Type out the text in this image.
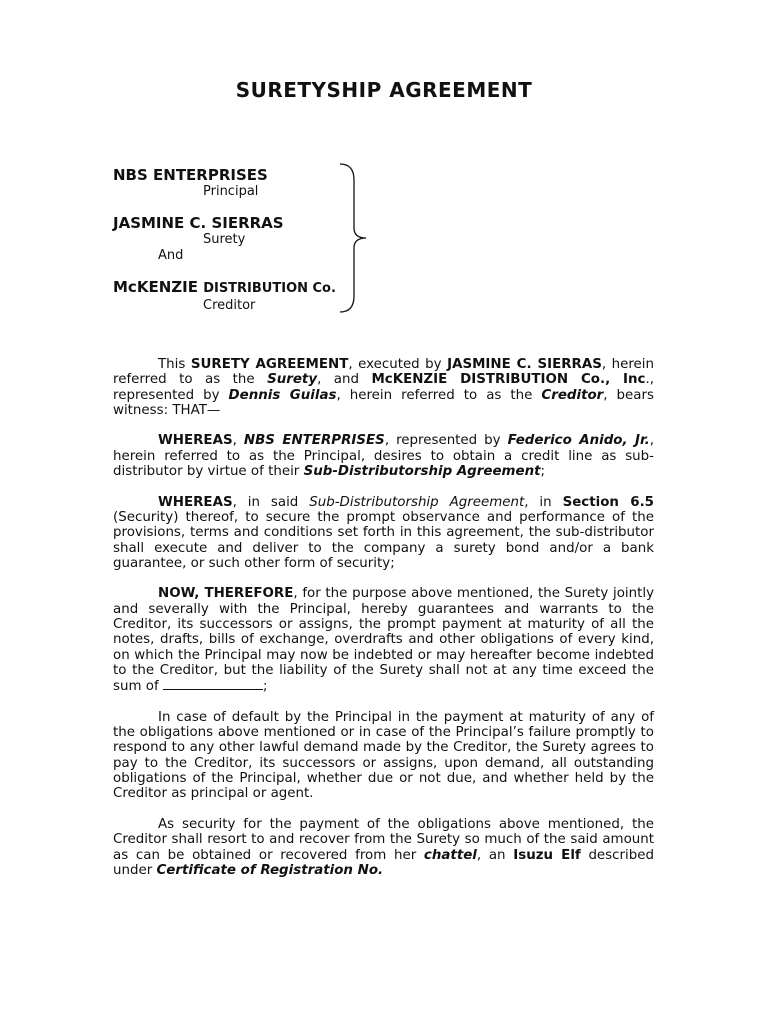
SURETYSHIP AGREEMENT
NBS ENTERPRISES
Principal
JASMINE C. SIERRAS
Surety
And
McKENZIE DISTRIBUTION Co.
Creditor

This SURETY AGREEMENT, executed by JASMINE C. SIERRAS, herein referred to as the Surety, and McKENZIE DISTRIBUTION Co., Inc., represented by Dennis Guilas, herein referred to as the Creditor, bears witness: THAT—

WHEREAS, NBS ENTERPRISES, represented by Federico Anido, Jr., herein referred to as the Principal, desires to obtain a credit line as sub-distributor by virtue of their Sub-Distributorship Agreement;

WHEREAS, in said Sub-Distributorship Agreement, in Section 6.5 (Security) thereof, to secure the prompt observance and performance of the provisions, terms and conditions set forth in this agreement, the sub-distributor shall execute and deliver to the company a surety bond and/or a bank guarantee, or such other form of security;

NOW, THEREFORE, for the purpose above mentioned, the Surety jointly and severally with the Principal, hereby guarantees and warrants to the Creditor, its successors or assigns, the prompt payment at maturity of all the notes, drafts, bills of exchange, overdrafts and other obligations of every kind, on which the Principal may now be indebted or may hereafter become indebted to the Creditor, but the liability of the Surety shall not at any time exceed the sum of	;

In case of default by the Principal in the payment at maturity of any of the obligations above mentioned or in case of the Principal’s failure promptly to respond to any other lawful demand made by the Creditor, the Surety agrees to pay to the Creditor, its successors or assigns, upon demand, all outstanding obligations of the Principal, whether due or not due, and whether held by the Creditor as principal or agent.

As security for the payment of the obligations above mentioned, the Creditor shall resort to and recover from the Surety so much of the said amount as can be obtained or recovered from her chattel, an Isuzu Elf described under Certificate of Registration No.
